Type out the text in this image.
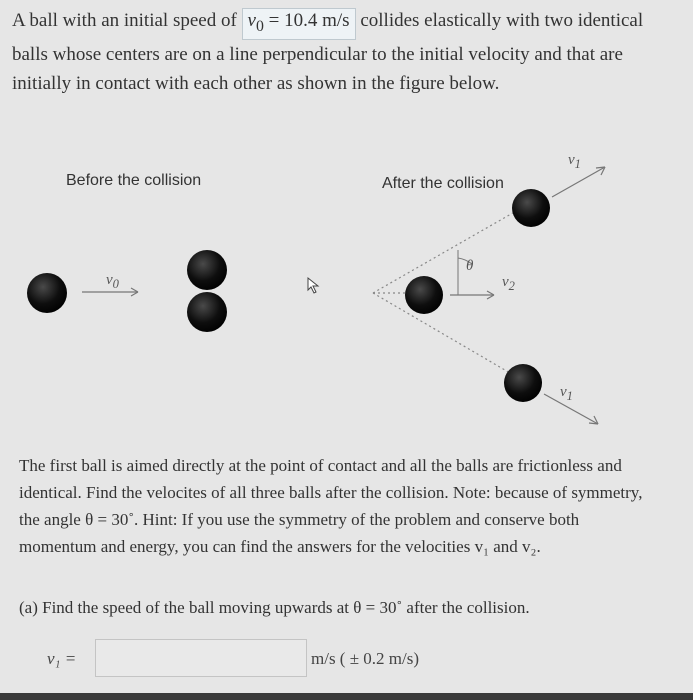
A ball with an initial speed of $v_0 = 10.4$ m/s collides elastically with two identical balls whose centers are on a line perpendicular to the initial velocity and that are initially in contact with each other as shown in the figure below.
Before the collision	After the collision
$v_0$
θ
$v_2$
$v_1$
$v_1$
The first ball is aimed directly at the point of contact and all the balls are frictionless and identical. Find the velocites of all three balls after the collision. Note: because of symmetry, the angle θ = 30˚. Hint: If you use the symmetry of the problem and conserve both momentum and energy, you can find the answers for the velocities v₁ and v₂.
(a) Find the speed of the ball moving upwards at θ = 30˚ after the collision.
v₁ =	m/s ( ± 0.2 m/s)
